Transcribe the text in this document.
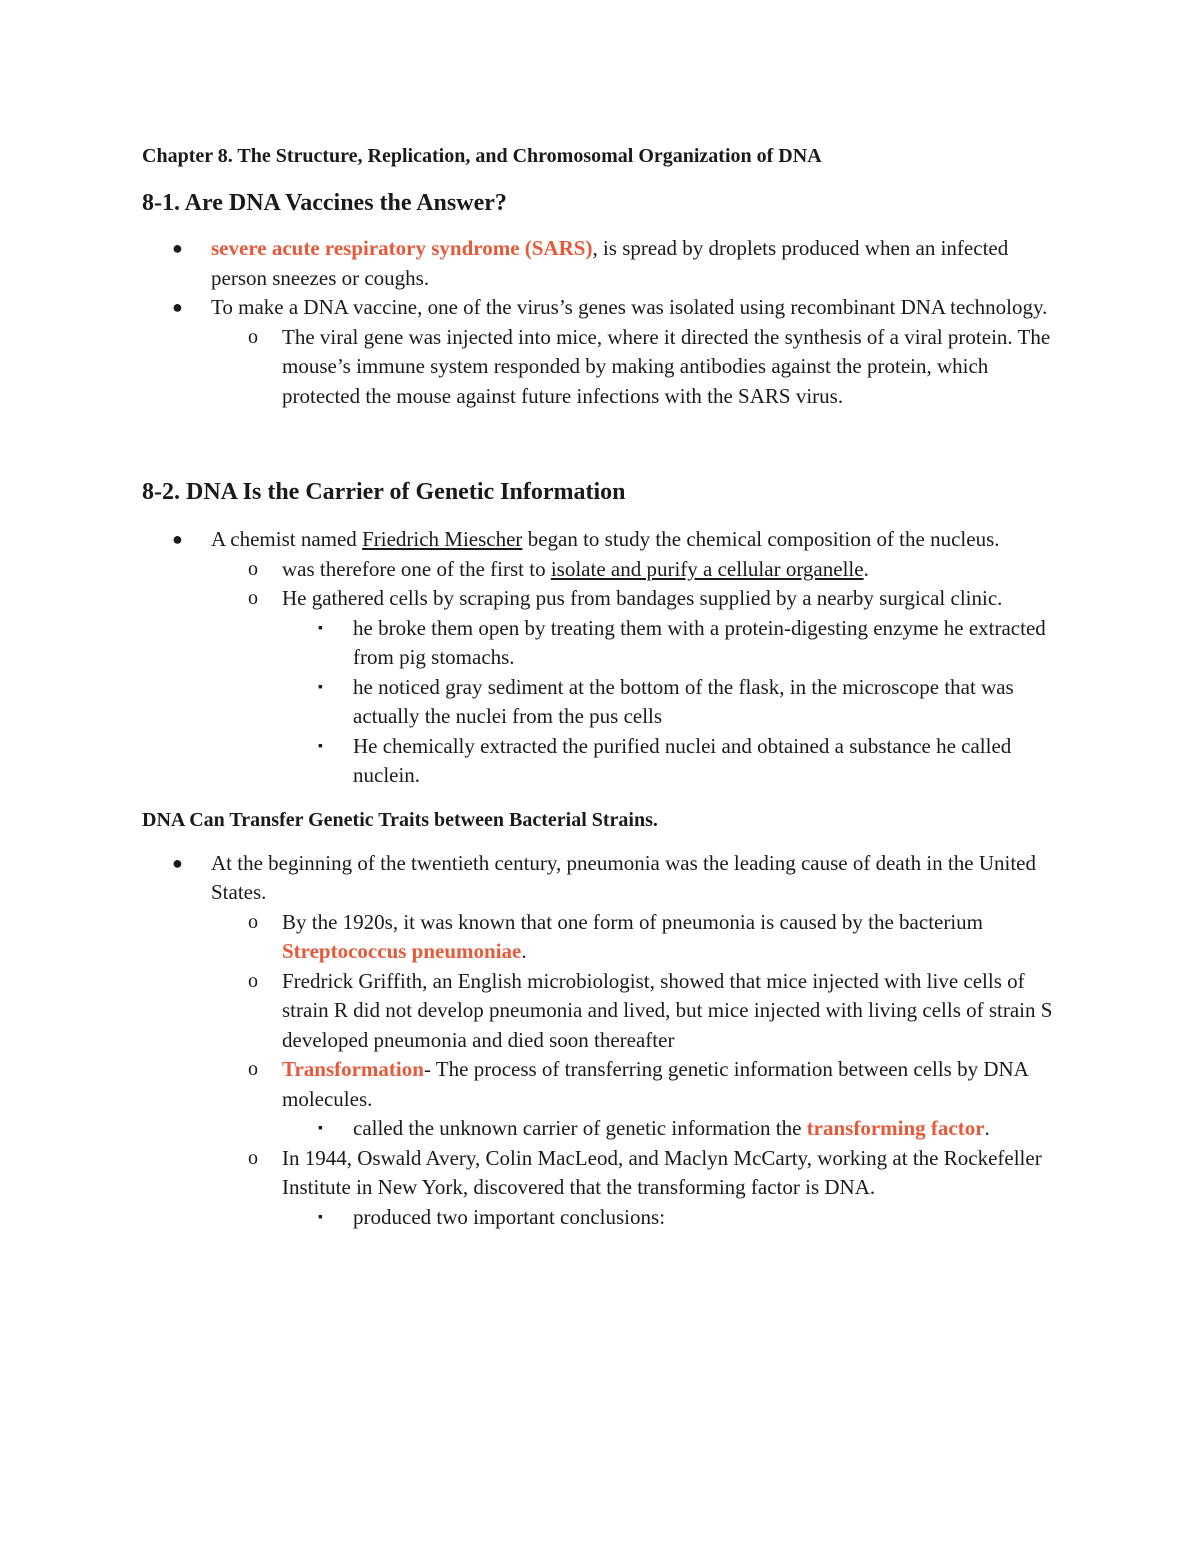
Chapter 8. The Structure, Replication, and Chromosomal Organization of DNA
8-1. Are DNA Vaccines the Answer?
● severe acute respiratory syndrome (SARS), is spread by droplets produced when an infected person sneezes or coughs.
● To make a DNA vaccine, one of the virus’s genes was isolated using recombinant DNA technology.
o The viral gene was injected into mice, where it directed the synthesis of a viral protein. The mouse’s immune system responded by making antibodies against the protein, which protected the mouse against future infections with the SARS virus.
8-2. DNA Is the Carrier of Genetic Information
● A chemist named Friedrich Miescher began to study the chemical composition of the nucleus.
o was therefore one of the first to isolate and purify a cellular organelle.
o He gathered cells by scraping pus from bandages supplied by a nearby surgical clinic.
▪ he broke them open by treating them with a protein-digesting enzyme he extracted from pig stomachs.
▪ he noticed gray sediment at the bottom of the flask, in the microscope that was actually the nuclei from the pus cells
▪ He chemically extracted the purified nuclei and obtained a substance he called nuclein.
DNA Can Transfer Genetic Traits between Bacterial Strains.
● At the beginning of the twentieth century, pneumonia was the leading cause of death in the United States.
o By the 1920s, it was known that one form of pneumonia is caused by the bacterium Streptococcus pneumoniae.
o Fredrick Griffith, an English microbiologist, showed that mice injected with live cells of strain R did not develop pneumonia and lived, but mice injected with living cells of strain S developed pneumonia and died soon thereafter
o Transformation- The process of transferring genetic information between cells by DNA molecules.
▪ called the unknown carrier of genetic information the transforming factor.
o In 1944, Oswald Avery, Colin MacLeod, and Maclyn McCarty, working at the Rockefeller Institute in New York, discovered that the transforming factor is DNA.
▪ produced two important conclusions:
